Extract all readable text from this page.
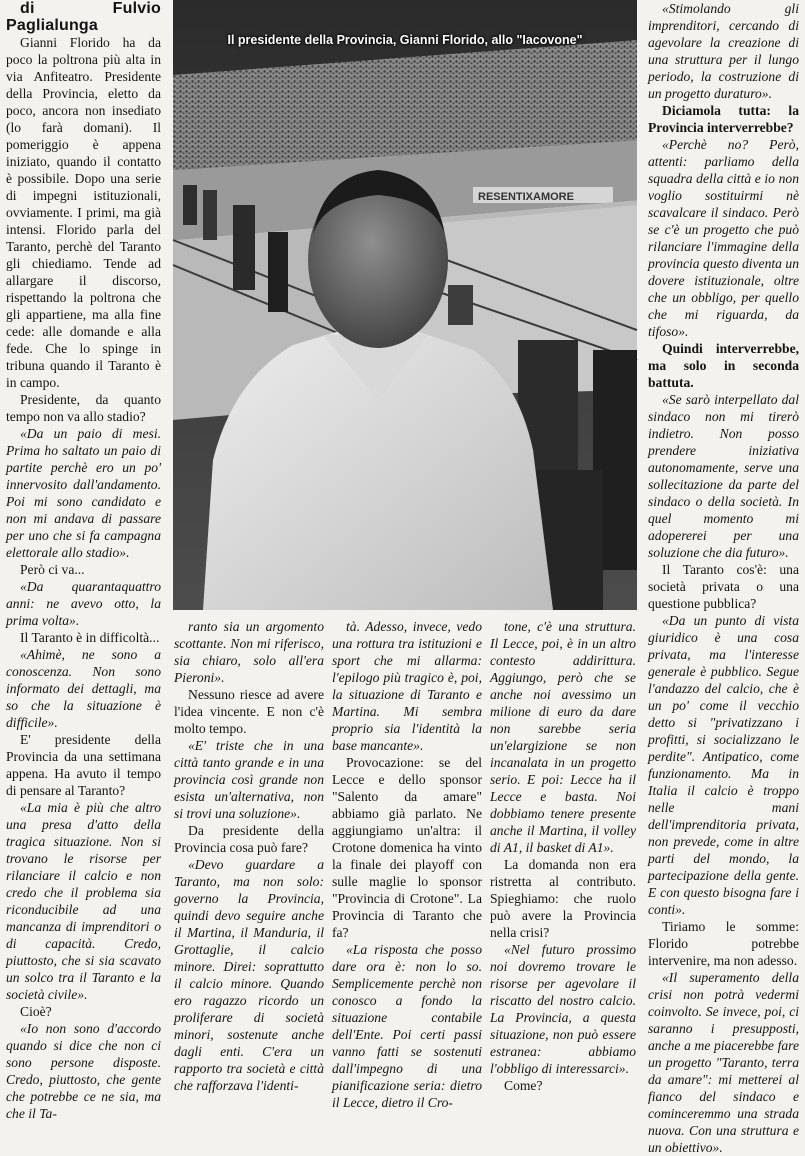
di Fulvio Paglialunga

Gianni Florido ha da poco la poltrona più alta in via Anfiteatro. Presidente della Provincia, eletto da poco, ancora non insediato (lo farà domani). Il pomeriggio è appena iniziato, quando il contatto è possibile. Dopo una serie di impegni istituzionali, ovviamente. I primi, ma già intensi. Florido parla del Taranto, perchè del Taranto gli chiediamo. Tende ad allargare il discorso, rispettando la poltrona che gli appartiene, ma alla fine cede: alle domande e alla fede. Che lo spinge in tribuna quando il Taranto è in campo.

Presidente, da quanto tempo non va allo stadio?

«Da un paio di mesi. Prima ho saltato un paio di partite perchè ero un po' innervosito dall'andamento. Poi mi sono candidato e non mi andava di passare per uno che si fa campagna elettorale allo stadio».

Però ci va...

«Da quarantaquattro anni: ne avevo otto, la prima volta».

Il Taranto è in difficoltà...

«Ahimè, ne sono a conoscenza. Non sono informato dei dettagli, ma so che la situazione è difficile».

E' presidente della Provincia da una settimana appena. Ha avuto il tempo di pensare al Taranto?

«La mia è più che altro una presa d'atto della tragica situazione. Non si trovano le risorse per rilanciare il calcio e non credo che il problema sia riconducibile ad una mancanza di imprenditori o di capacità. Credo, piuttosto, che si sia scavato un solco tra il Taranto e la società civile».

Cioè?

«Io non sono d'accordo quando si dice che non ci sono persone disposte. Credo, piuttosto, che gente che potrebbe ce ne sia, ma che il Ta-

RESENTIXAMORE
Il presidente della Provincia, Gianni Florido, allo "Iacovone"

ranto sia un argomento scottante. Non mi riferisco, sia chiaro, solo all'era Pieroni».

Nessuno riesce ad avere l'idea vincente. E non c'è molto tempo.

«E' triste che in una città tanto grande e in una provincia così grande non esista un'alternativa, non si trovi una soluzione».

Da presidente della Provincia cosa può fare?

«Devo guardare a Taranto, ma non solo: governo la Provincia, quindi devo seguire anche il Martina, il Manduria, il Grottaglie, il calcio minore. Direi: soprattutto il calcio minore. Quando ero ragazzo ricordo un proliferare di società minori, sostenute anche dagli enti. C'era un rapporto tra società e città che rafforzava l'identi-

tà. Adesso, invece, vedo una rottura tra istituzioni e sport che mi allarma: l'epilogo più tragico è, poi, la situazione di Taranto e Martina. Mi sembra proprio sia l'identità la base mancante».

Provocazione: se del Lecce e dello sponsor "Salento da amare" abbiamo già parlato. Ne aggiungiamo un'altra: il Crotone domenica ha vinto la finale dei playoff con sulle maglie lo sponsor "Provincia di Crotone". La Provincia di Taranto che fa?

«La risposta che posso dare ora è: non lo so. Semplicemente perchè non conosco a fondo la situazione contabile dell'Ente. Poi certi passi vanno fatti se sostenuti dall'impegno di una pianificazione seria: dietro il Lecce, dietro il Cro-

tone, c'è una struttura. Il Lecce, poi, è in un altro contesto addirittura. Aggiungo, però che se anche noi avessimo un milione di euro da dare non sarebbe seria un'elargizione se non incanalata in un progetto serio. E poi: Lecce ha il Lecce e basta. Noi dobbiamo tenere presente anche il Martina, il volley di A1, il basket di A1».

La domanda non era ristretta al contributo. Spieghiamo: che ruolo può avere la Provincia nella crisi?

«Nel futuro prossimo noi dovremo trovare le risorse per agevolare il riscatto del nostro calcio. La Provincia, a questa situazione, non può essere estranea: abbiamo l'obbligo di interessarci».

Come?

«Stimolando gli imprenditori, cercando di agevolare la creazione di una struttura per il lungo periodo, la costruzione di un progetto duraturo».

Diciamola tutta: la Provincia interverrebbe?

«Perchè no? Però, attenti: parliamo della squadra della città e io non voglio sostituirmi nè scavalcare il sindaco. Però se c'è un progetto che può rilanciare l'immagine della provincia questo diventa un dovere istituzionale, oltre che un obbligo, per quello che mi riguarda, da tifoso».

Quindi interverrebbe, ma solo in seconda battuta.

«Se sarò interpellato dal sindaco non mi tirerò indietro. Non posso prendere iniziativa autonomamente, serve una sollecitazione da parte del sindaco o della società. In quel momento mi adopererei per una soluzione che dia futuro».

Il Taranto cos'è: una società privata o una questione pubblica?

«Da un punto di vista giuridico è una cosa privata, ma l'interesse generale è pubblico. Segue l'andazzo del calcio, che è un po' come il vecchio detto si "privatizzano i profitti, si socializzano le perdite". Antipatico, come funzionamento. Ma in Italia il calcio è troppo nelle mani dell'imprenditoria privata, non prevede, come in altre parti del mondo, la partecipazione della gente. E con questo bisogna fare i conti».

Tiriamo le somme: Florido potrebbe intervenire, ma non adesso.

«Il superamento della crisi non potrà vedermi coinvolto. Se invece, poi, ci saranno i presupposti, anche a me piacerebbe fare un progetto "Taranto, terra da amare": mi metterei al fianco del sindaco e cominceremmo una strada nuova. Con una struttura e un obiettivo».
